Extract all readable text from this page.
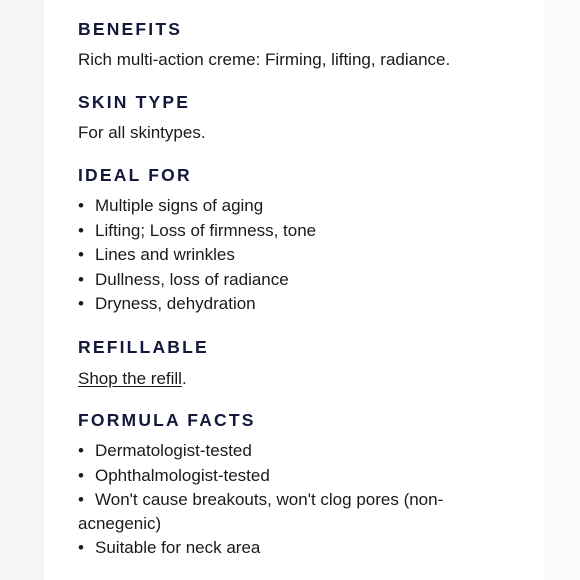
BENEFITS

Rich multi-action creme: Firming, lifting, radiance.

SKIN TYPE

For all skintypes.

IDEAL FOR
• Multiple signs of aging
• Lifting; Loss of firmness, tone
• Lines and wrinkles
• Dullness, loss of radiance
• Dryness, dehydration
REFILLABLE

Shop the refill.

FORMULA FACTS
• Dermatologist-tested
• Ophthalmologist-tested
• Won't cause breakouts, won't clog pores (non-
acnegenic)
• Suitable for neck area
